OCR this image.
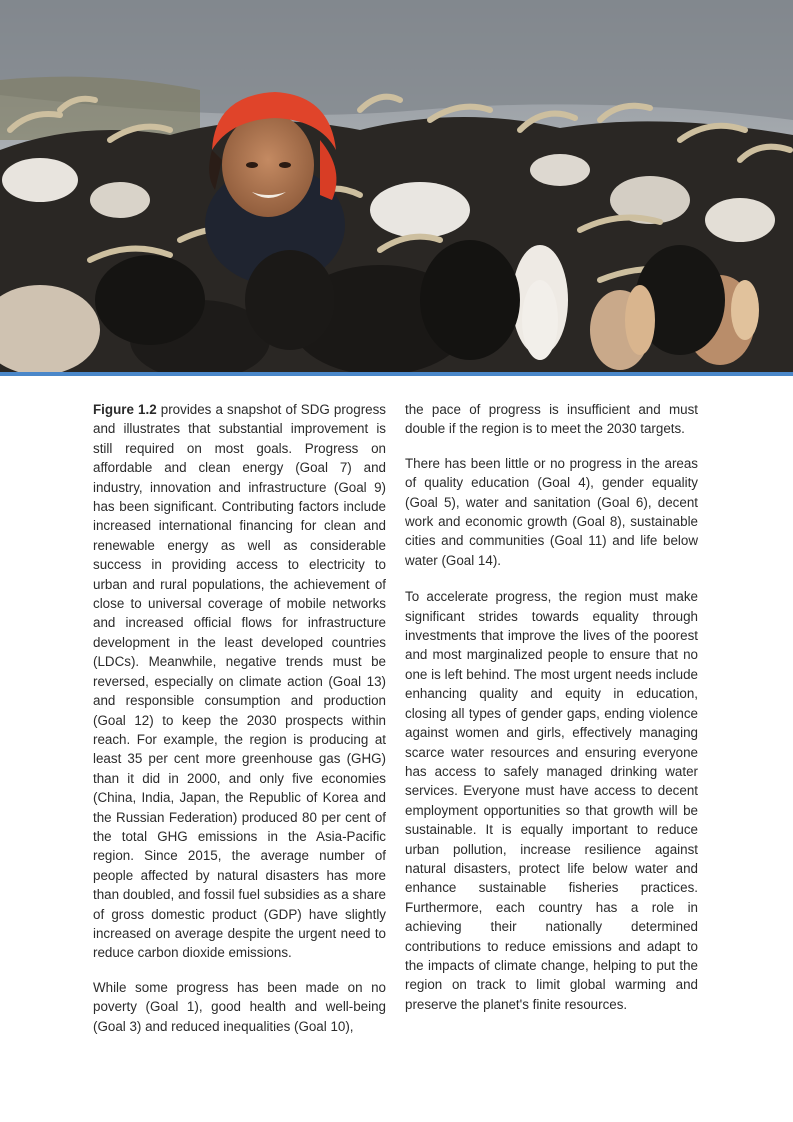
Figure 1.2 provides a snapshot of SDG progress and illustrates that substantial improvement is still required on most goals. Progress on affordable and clean energy (Goal 7) and industry, innovation and infrastructure (Goal 9) has been significant. Contributing factors include increased international financing for clean and renewable energy as well as considerable success in providing access to electricity to urban and rural populations, the achievement of close to universal coverage of mobile networks and increased official flows for infrastructure development in the least developed countries (LDCs). Meanwhile, negative trends must be reversed, especially on climate action (Goal 13) and responsible consumption and production (Goal 12) to keep the 2030 prospects within reach. For example, the region is producing at least 35 per cent more greenhouse gas (GHG) than it did in 2000, and only five economies (China, India, Japan, the Republic of Korea and the Russian Federation) produced 80 per cent of the total GHG emissions in the Asia-Pacific region. Since 2015, the average number of people affected by natural disasters has more than doubled, and fossil fuel subsidies as a share of gross domestic product (GDP) have slightly increased on average despite the urgent need to reduce carbon dioxide emissions.

While some progress has been made on no poverty (Goal 1), good health and well-being (Goal 3) and reduced inequalities (Goal 10),

the pace of progress is insufficient and must double if the region is to meet the 2030 targets.

There has been little or no progress in the areas of quality education (Goal 4), gender equality (Goal 5), water and sanitation (Goal 6), decent work and economic growth (Goal 8), sustainable cities and communities (Goal 11) and life below water (Goal 14).

To accelerate progress, the region must make significant strides towards equality through investments that improve the lives of the poorest and most marginalized people to ensure that no one is left behind. The most urgent needs include enhancing quality and equity in education, closing all types of gender gaps, ending violence against women and girls, effectively managing scarce water resources and ensuring everyone has access to safely managed drinking water services. Everyone must have access to decent employment opportunities so that growth will be sustainable. It is equally important to reduce urban pollution, increase resilience against natural disasters, protect life below water and enhance sustainable fisheries practices. Furthermore, each country has a role in achieving their nationally determined contributions to reduce emissions and adapt to the impacts of climate change, helping to put the region on track to limit global warming and preserve the planet's finite resources.
